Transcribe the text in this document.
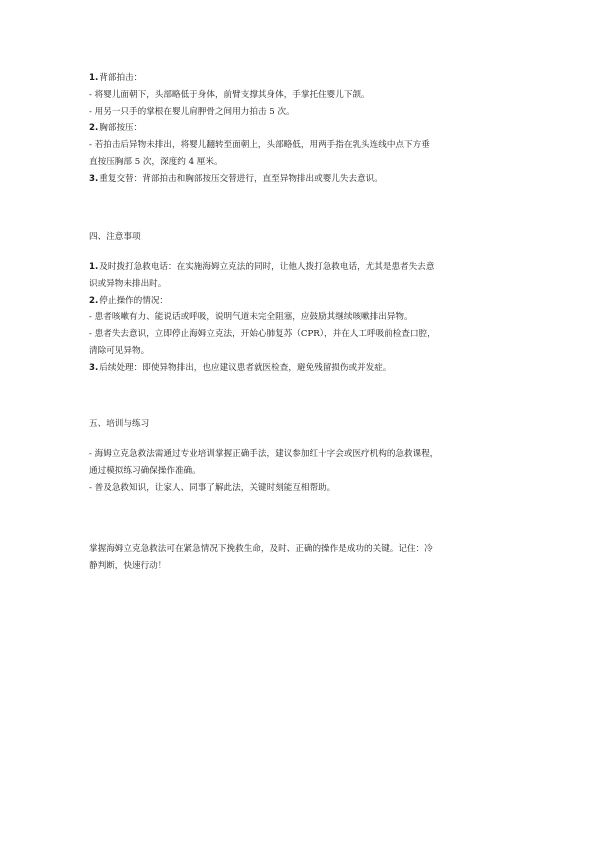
1.背部拍击：
- 将婴儿面朝下，头部略低于身体，前臂支撑其身体，手掌托住婴儿下颌。
- 用另一只手的掌根在婴儿肩胛骨之间用力拍击 5 次。
2.胸部按压：
- 若拍击后异物未排出，将婴儿翻转至面朝上，头部略低，用两手指在乳头连线中点下方垂
直按压胸部 5 次，深度约 4 厘米。
3.重复交替：背部拍击和胸部按压交替进行，直至异物排出或婴儿失去意识。
四、注意事项
1.及时拨打急救电话：在实施海姆立克法的同时，让他人拨打急救电话，尤其是患者失去意
识或异物未排出时。
2.停止操作的情况：
- 患者咳嗽有力、能说话或呼吸，说明气道未完全阻塞，应鼓励其继续咳嗽排出异物。
- 患者失去意识，立即停止海姆立克法，开始心肺复苏（CPR），并在人工呼吸前检查口腔，
清除可见异物。
3.后续处理：即使异物排出，也应建议患者就医检查，避免残留损伤或并发症。
五、培训与练习
- 海姆立克急救法需通过专业培训掌握正确手法，建议参加红十字会或医疗机构的急救课程，
通过模拟练习确保操作准确。
- 普及急救知识，让家人、同事了解此法，关键时刻能互相帮助。
掌握海姆立克急救法可在紧急情况下挽救生命，及时、正确的操作是成功的关键。记住：冷
静判断，快速行动！
